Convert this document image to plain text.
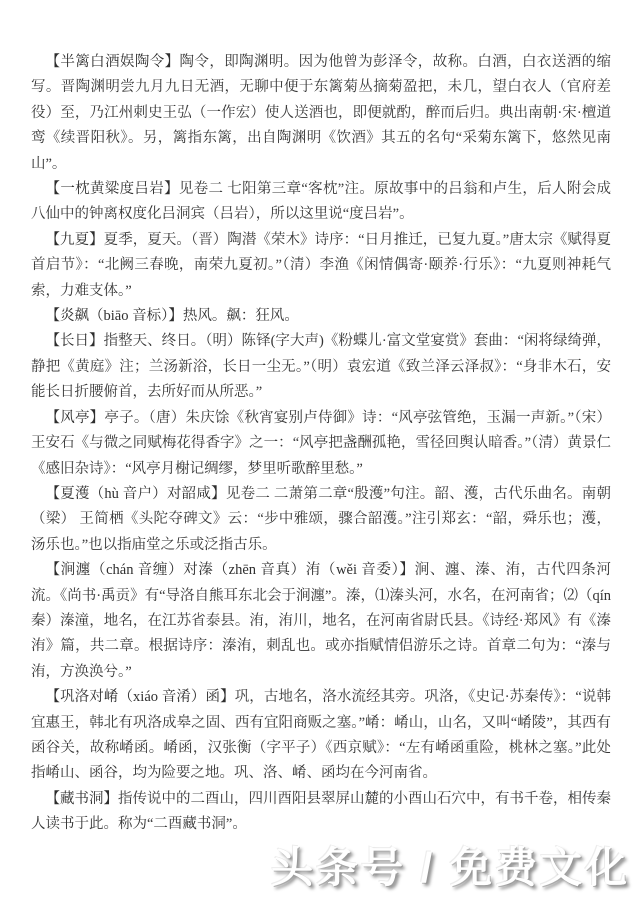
【半篱白酒娱陶令】陶令，即陶渊明。因为他曾为彭泽令，故称。白酒，白衣送酒的缩写。晋陶渊明尝九月九日无酒，无聊中便于东篱菊丛摘菊盈把，未几，望白衣人（官府差役）至，乃江州刺史王弘（一作宏）使人送酒也，即便就酌，醉而后归。典出南朝·宋·檀道鸾《续晋阳秋》。另，篱指东篱，出自陶渊明《饮酒》其五的名句“采菊东篱下，悠然见南山”。

【一枕黄粱度吕岩】见卷二 七阳第三章“客枕”注。原故事中的吕翁和卢生，后人附会成八仙中的钟离权度化吕洞宾（吕岩），所以这里说“度吕岩”。

【九夏】夏季，夏天。（晋）陶潜《荣木》诗序：“日月推迁，已复九夏。”唐太宗《赋得夏首启节》：“北阙三春晚，南荣九夏初。”（清）李渔《闲情偶寄·颐养·行乐》：“九夏则神耗气索，力难支体。”

【炎飙（biāo 音标）】热风。飙：狂风。

【长日】指整天、终日。（明）陈铎(字大声)《粉蝶儿·富文堂宴赏》套曲：“闲将绿绮弹，静把《黄庭》注；兰汤新浴，长日一尘无。”（明）袁宏道《致兰泽云泽叔》：“身非木石，安能长日折腰俯首，去所好而从所恶。”

【风亭】亭子。（唐）朱庆馀《秋宵宴别卢侍御》诗：“风亭弦管绝，玉漏一声新。”（宋）王安石《与微之同赋梅花得香字》之一：“风亭把盏酬孤艳，雪径回舆认暗香。”（清）黄景仁《感旧杂诗》：“风亭月榭记绸缪，梦里听歌醉里愁。”

【夏濩（hù 音户）对韶咸】见卷二 二萧第二章“殷濩”句注。韶、濩，古代乐曲名。南朝（梁） 王简栖《头陀夺碑文》云：“步中雅颂，骤合韶濩。”注引郑玄：“韶，舜乐也；濩，汤乐也。”也以指庙堂之乐或泛指古乐。

【涧瀍（chán 音缠）对溱（zhēn 音真）洧（wěi 音委）】涧、瀍、溱、洧，古代四条河流。《尚书·禹贡》有“导洛自熊耳东北会于涧瀍”。溱，⑴溱头河，水名，在河南省；⑵（qín 秦）溱潼，地名，在江苏省泰县。洧，洧川，地名，在河南省尉氏县。《诗经·郑风》有《溱洧》篇，共二章。根据诗序：溱洧，刺乱也。或亦指赋情侣游乐之诗。首章二句为：“溱与洧，方涣涣兮。”

【巩洛对崤（xiáo 音淆）函】巩，古地名，洛水流经其旁。巩洛，《史记·苏秦传》：“说韩宜惠王，韩北有巩洛成皋之固、西有宜阳商贩之塞。”崤：崤山，山名，又叫“崤陵”，其西有函谷关，故称崤函。崤函，汉张衡（字平子）《西京赋》：“左有崤函重险，桃林之塞。”此处指崤山、函谷，均为险要之地。巩、洛、崤、函均在今河南省。

【藏书洞】指传说中的二酉山，四川酉阳县翠屏山麓的小酉山石穴中，有书千卷，相传秦人读书于此。称为“二酉藏书洞”。

头条号 / 免费文化
